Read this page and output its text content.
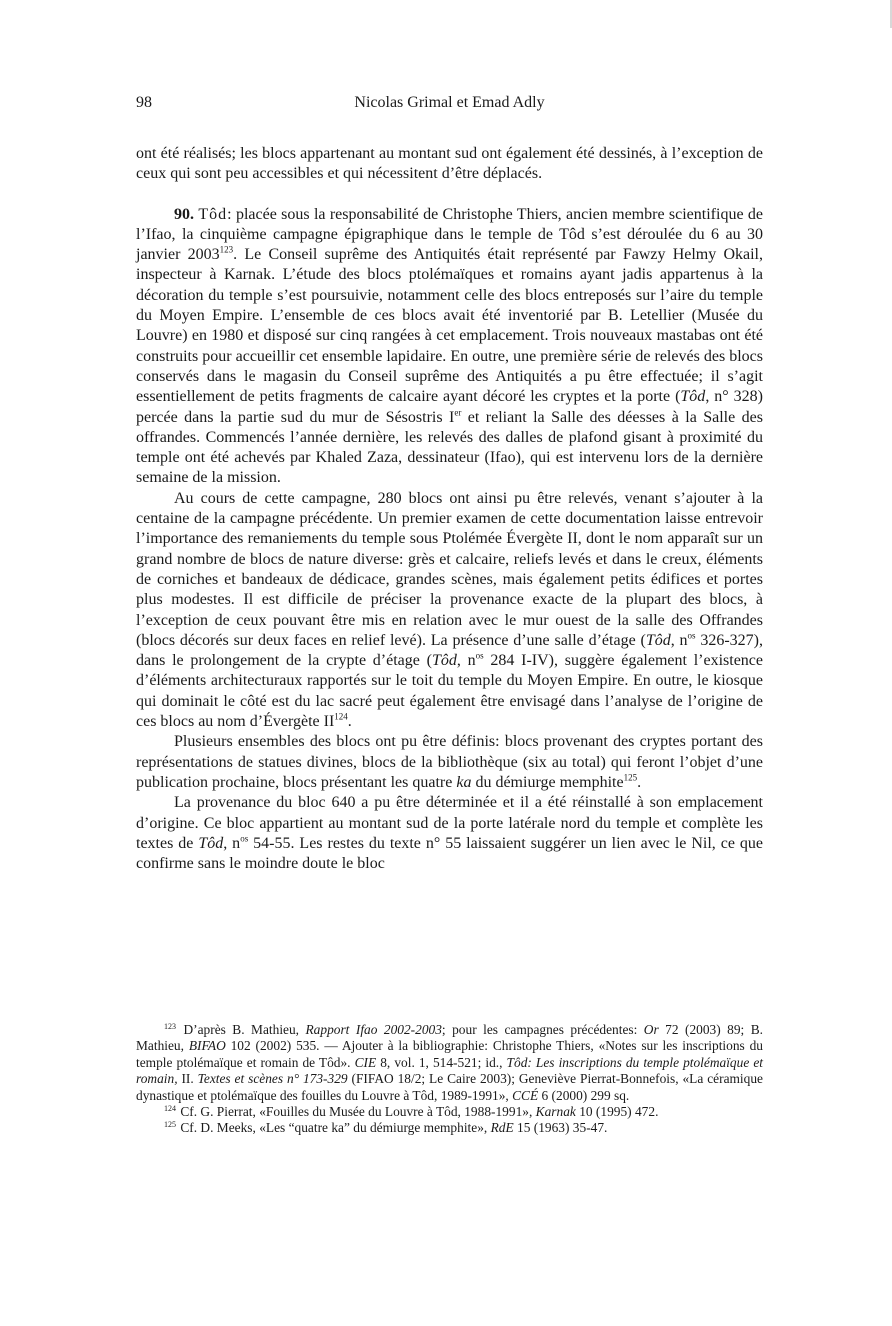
98	Nicolas Grimal et Emad Adly

ont été réalisés; les blocs appartenant au montant sud ont également été dessinés, à l’exception de ceux qui sont peu accessibles et qui nécessitent d’être déplacés.

90. Tôd: placée sous la responsabilité de Christophe Thiers, ancien membre scientifique de l’Ifao, la cinquième campagne épigraphique dans le temple de Tôd s’est déroulée du 6 au 30 janvier 2003$^{123}$. Le Conseil suprême des Antiquités était représenté par Fawzy Helmy Okail, inspecteur à Karnak. L’étude des blocs ptolémaïques et romains ayant jadis appartenus à la décoration du temple s’est poursuivie, notamment celle des blocs entreposés sur l’aire du temple du Moyen Empire. L’ensemble de ces blocs avait été inventorié par B. Letellier (Musée du Louvre) en 1980 et disposé sur cinq rangées à cet emplacement. Trois nouveaux mastabas ont été construits pour accueillir cet ensemble lapidaire. En outre, une première série de relevés des blocs conservés dans le magasin du Conseil suprême des Antiquités a pu être effectuée; il s’agit essentiellement de petits fragments de calcaire ayant décoré les cryptes et la porte (Tôd, n° 328) percée dans la partie sud du mur de Sésostris Ier et reliant la Salle des déesses à la Salle des offrandes. Commencés l’année dernière, les relevés des dalles de plafond gisant à proximité du temple ont été achevés par Khaled Zaza, dessinateur (Ifao), qui est intervenu lors de la dernière semaine de la mission.

Au cours de cette campagne, 280 blocs ont ainsi pu être relevés, venant s’ajouter à la centaine de la campagne précédente. Un premier examen de cette documentation laisse entrevoir l’importance des remaniements du temple sous Ptolémée Évergète II, dont le nom apparaît sur un grand nombre de blocs de nature diverse: grès et calcaire, reliefs levés et dans le creux, éléments de corniches et bandeaux de dédicace, grandes scènes, mais également petits édifices et portes plus modestes. Il est difficile de préciser la provenance exacte de la plupart des blocs, à l’exception de ceux pouvant être mis en relation avec le mur ouest de la salle des Offrandes (blocs décorés sur deux faces en relief levé). La présence d’une salle d’étage (Tôd, n$^{os}$ 326-327), dans le prolongement de la crypte d’étage (Tôd, n$^{os}$ 284 I-IV), suggère également l’existence d’éléments architecturaux rapportés sur le toit du temple du Moyen Empire. En outre, le kiosque qui dominait le côté est du lac sacré peut également être envisagé dans l’analyse de l’origine de ces blocs au nom d’Évergète II$^{124}$.

Plusieurs ensembles des blocs ont pu être définis: blocs provenant des cryptes portant des représentations de statues divines, blocs de la bibliothèque (six au total) qui feront l’objet d’une publication prochaine, blocs présentant les quatre ka du démiurge memphite$^{125}$.

La provenance du bloc 640 a pu être déterminée et il a été réinstallé à son emplacement d’origine. Ce bloc appartient au montant sud de la porte latérale nord du temple et complète les textes de Tôd, n$^{os}$ 54-55. Les restes du texte n° 55 laissaient suggérer un lien avec le Nil, ce que confirme sans le moindre doute le bloc

$^{123}$ D’après B. Mathieu, Rapport Ifao 2002-2003; pour les campagnes précédentes: Or 72 (2003) 89; B. Mathieu, BIFAO 102 (2002) 535. — Ajouter à la bibliographie: Christophe Thiers, «Notes sur les inscriptions du temple ptolémaïque et romain de Tôd». CIE 8, vol. 1, 514-521; id., Tôd: Les inscriptions du temple ptolémaïque et romain, II. Textes et scènes n° 173-329 (FIFAO 18/2; Le Caire 2003); Geneviève Pierrat-Bonnefois, «La céramique dynastique et ptolémaïque des fouilles du Louvre à Tôd, 1989-1991», CCÉ 6 (2000) 299 sq.

$^{124}$ Cf. G. Pierrat, «Fouilles du Musée du Louvre à Tôd, 1988-1991», Karnak 10 (1995) 472.

$^{125}$ Cf. D. Meeks, «Les “quatre ka” du démiurge memphite», RdE 15 (1963) 35-47.
